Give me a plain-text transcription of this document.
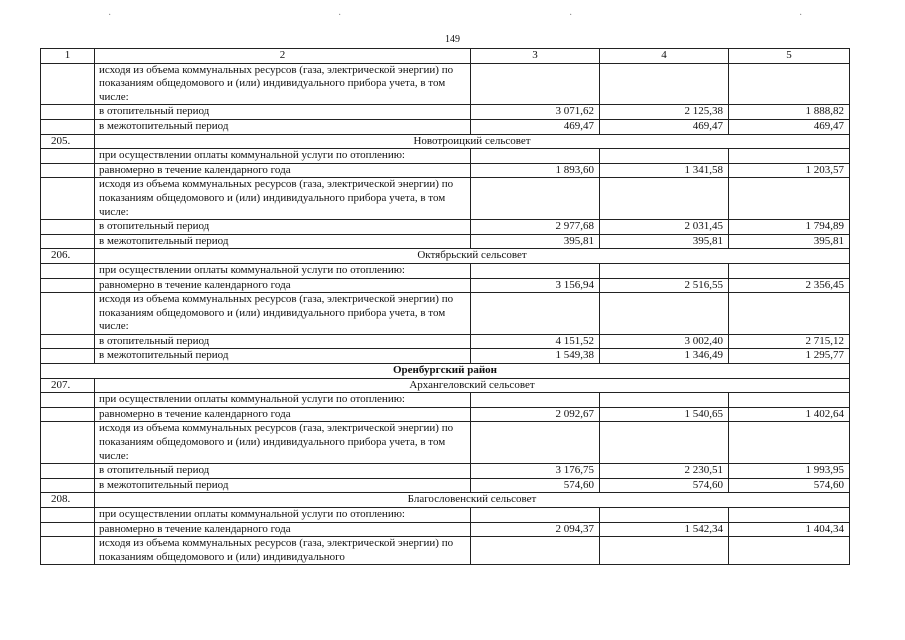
·	·	·	·
149
1	2	3	4	5
	исходя из объема коммунальных ресурсов (газа, электрической энергии) по показаниям общедомового и (или) индивидуального прибора учета, в том числе:			
	в отопительный период	3 071,62	2 125,38	1 888,82
	в межотопительный период	469,47	469,47	469,47
205.	Новотроицкий сельсовет			
	при осуществлении оплаты коммунальной услуги по отоплению:			
	равномерно в течение календарного года	1 893,60	1 341,58	1 203,57
	исходя из объема коммунальных ресурсов (газа, электрической энергии) по показаниям общедомового и (или) индивидуального прибора учета, в том числе:			
	в отопительный период	2 977,68	2 031,45	1 794,89
	в межотопительный период	395,81	395,81	395,81
206.	Октябрьский сельсовет			
	при осуществлении оплаты коммунальной услуги по отоплению:			
	равномерно в течение календарного года	3 156,94	2 516,55	2 356,45
	исходя из объема коммунальных ресурсов (газа, электрической энергии) по показаниям общедомового и (или) индивидуального прибора учета, в том числе:			
	в отопительный период	4 151,52	3 002,40	2 715,12
	в межотопительный период	1 549,38	1 346,49	1 295,77
Оренбургский район				
207.	Архангеловский сельсовет			
	при осуществлении оплаты коммунальной услуги по отоплению:			
	равномерно в течение календарного года	2 092,67	1 540,65	1 402,64
	исходя из объема коммунальных ресурсов (газа, электрической энергии) по показаниям общедомового и (или) индивидуального прибора учета, в том числе:			
	в отопительный период	3 176,75	2 230,51	1 993,95
	в межотопительный период	574,60	574,60	574,60
208.	Благословенский сельсовет			
	при осуществлении оплаты коммунальной услуги по отоплению:			
	равномерно в течение календарного года	2 094,37	1 542,34	1 404,34
	исходя из объема коммунальных ресурсов (газа, электрической энергии) по показаниям общедомового и (или) индивидуального			
